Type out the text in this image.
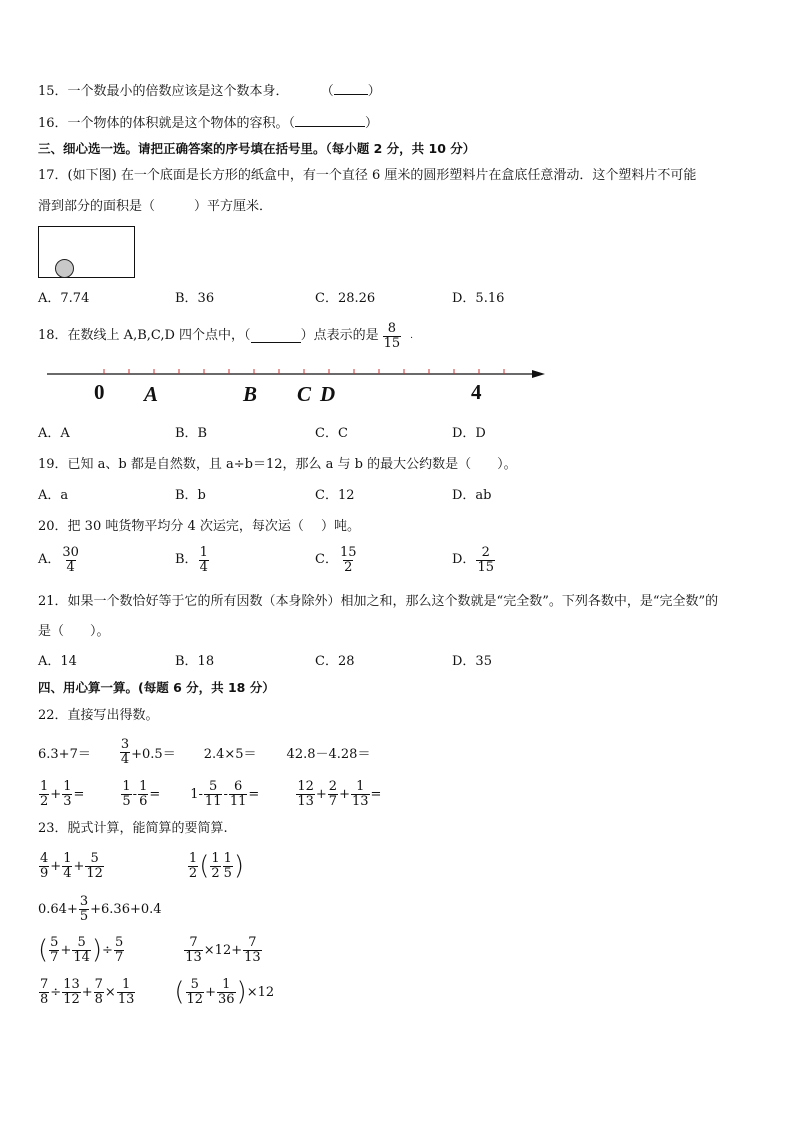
15．一个数最小的倍数应该是这个数本身． （	）
16．一个物体的体积就是这个物体的容积。（	）
三、细心选一选。请把正确答案的序号填在括号里。（每小题 2 分，共 10 分）
17．(如下图) 在一个底面是长方形的纸盒中，有一个直径 6 厘米的圆形塑料片在盒底任意滑动．这个塑料片不可能
滑到部分的面积是（　　　）平方厘米．
A．7.74	B．36	C．28.26	D．5.16
18．在数线上 A,B,C,D 四个点中，（	）点表示的是 $\frac{8}{15}$ .
0 A	B C D	4
A．A	B．B	C．C	D．D
19．已知 a、b 都是自然数，且 a÷b＝12，那么 a 与 b 的最大公约数是（　　）。
A．a	B．b	C．12	D．ab
20．把 30 吨货物平均分 4 次运完，每次运（　 ）吨。
A． $\frac{30}{4}$	B． $\frac{1}{4}$	C． $\frac{15}{2}$	D． $\frac{2}{15}$
21．如果一个数恰好等于它的所有因数（本身除外）相加之和，那么这个数就是“完全数”。下列各数中，是“完全数”的
是（　　）。
A．14	B．18	C．28	D．35
四、用心算一算。(每题 6 分，共 18 分）
22．直接写出得数。
$6.3+7= \frac{3}{4} +0.5= 2.4\times 5= 42.8-4.28=$
$\frac{1}{2} + \frac{1}{3}$ =	$\frac{1}{5} - \frac{1}{6} = 1- \frac{5}{11} - \frac{6}{11}$ =	$\frac{12}{13} + \frac{2}{7} + \frac{1}{13}$ =
23．脱式计算，能简算的要简算.
$\frac{4}{9} + \frac{1}{4} + \frac{5}{12}$	$\frac{1}{2}$ ( $\frac{1}{2} \frac{1}{5}$ )
$0.64+ \frac{3}{5} +6.36+0.4$
( $\frac{5}{7} + \frac{5}{14}$ ) ÷ $\frac{5}{7}$	$\frac{7}{13} \times 12+ \frac{7}{13}$
$\frac{7}{8} \div \frac{13}{12} + \frac{7}{8} \times \frac{1}{13}$ ( $\frac{5}{12} + \frac{1}{36}$ ) ×12
